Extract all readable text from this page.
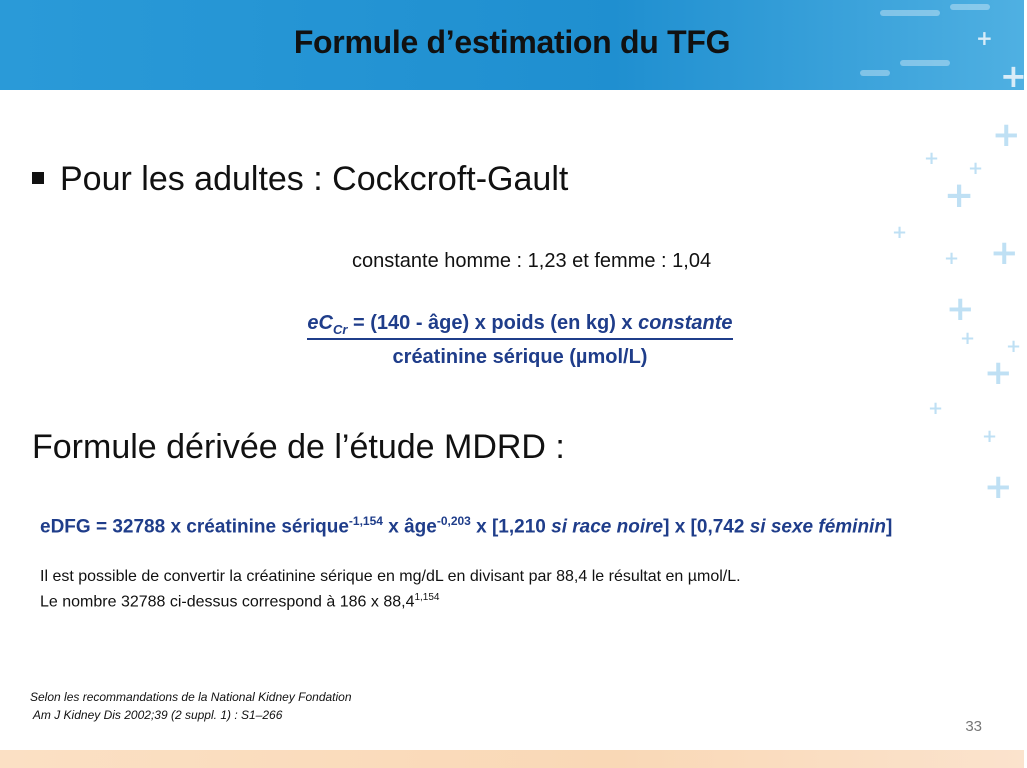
Formule d’estimation du TFG	+
+
+
+ +
+
+
+
+
+
+ +
+
+
+
+
Pour les adultes : Cockcroft-Gault
constante homme : 1,23 et femme : 1,04
$eC_{Cr} = (140$ - âge) x poids (en kg) x constante
créatinine sérique (µmol/L)
Formule dérivée de l’étude MDRD :
eDFG = 32788 x créatinine sérique$^{-1,154}$ x âge$^{-0,203}$ x [1,210 si race noire] x [0,742 si sexe féminin]
Il est possible de convertir la créatinine sérique en mg/dL en divisant par 88,4 le résultat en µmol/L.
Le nombre 32788 ci-dessus correspond à 186 x 88,4$^{1,154}$
Selon les recommandations de la National Kidney Fondation
Am J Kidney Dis 2002;39 (2 suppl. 1) : S1–266
33
